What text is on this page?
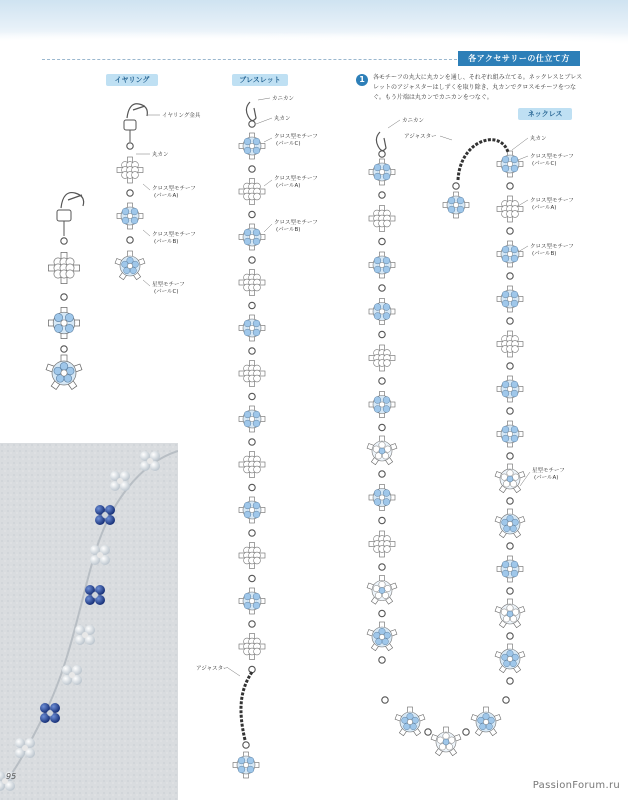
各アクセサリーの仕立て方
イヤリング	ブレスレット
ネックレス
1	各モチーフの丸大に丸カンを通し、それぞれ組み立てる。ネックレスとブレスレットのアジャスターはしずくを取り除き、丸カンでクロスモチーフをつなぐ。もう片端は丸カンでカニカンをつなぐ。
イヤリング金具
丸カン
クロス型モチーフ
(パールA)
クロス型モチーフ
(パールB)
星型モチーフ
(パールC)
カニカン
丸カン
クロス型モチーフ
(パールC)
クロス型モチーフ
(パールA)
クロス型モチーフ
(パールB)
アジャスター
カニカン
アジャスター	丸カン
クロス型モチーフ
(パールC)
クロス型モチーフ
(パールA)
クロス型モチーフ
(パールB)
星型モチーフ
(パールA)
95
PassionForum.ru
